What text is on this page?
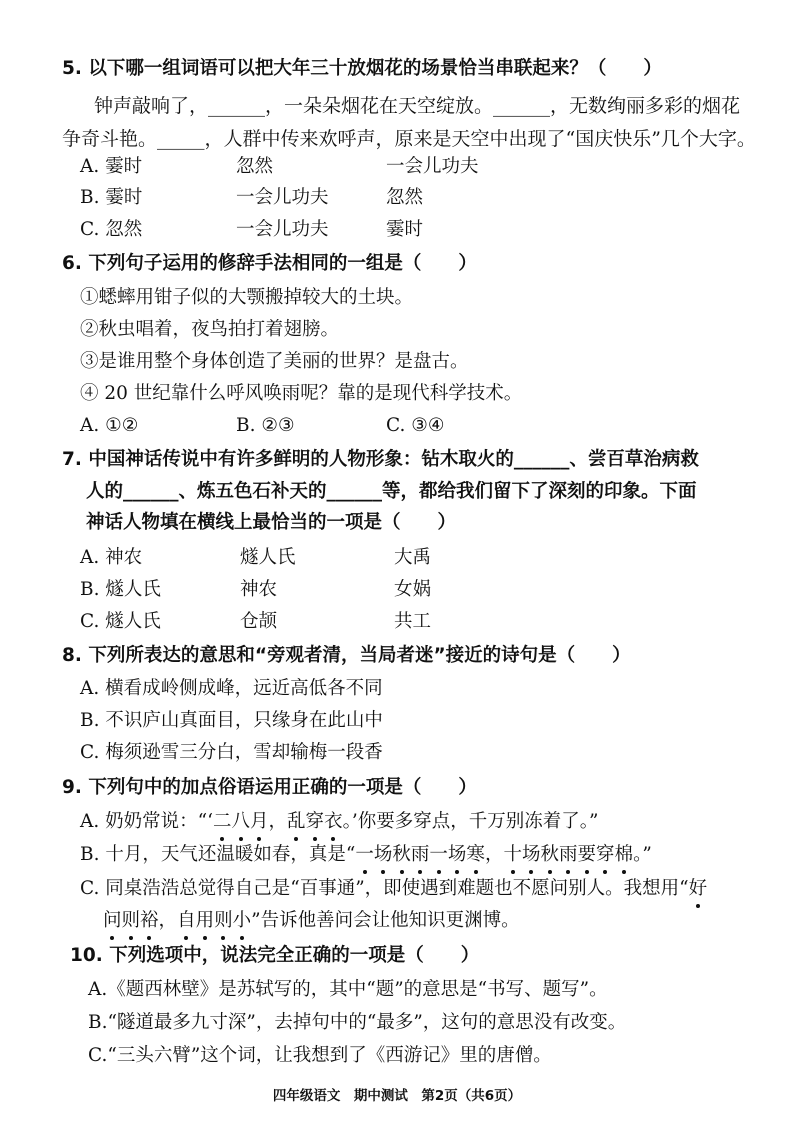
5. 以下哪一组词语可以把大年三十放烟花的场景恰当串联起来？（　　）
钟声敲响了，______，一朵朵烟花在天空绽放。______，无数绚丽多彩的烟花
争奇斗艳。_____，人群中传来欢呼声，原来是天空中出现了“国庆快乐”几个大字。
A. 霎时	忽然	一会儿功夫
B. 霎时	一会儿功夫	忽然
C. 忽然	一会儿功夫	霎时
6. 下列句子运用的修辞手法相同的一组是（　　）
①蟋蟀用钳子似的大颚搬掉较大的土块。
②秋虫唱着，夜鸟拍打着翅膀。
③是谁用整个身体创造了美丽的世界？是盘古。
④ 20 世纪靠什么呼风唤雨呢？靠的是现代科学技术。
A. ①②	B. ②③	C. ③④
7. 中国神话传说中有许多鲜明的人物形象：钻木取火的______、尝百草治病救
人的______、炼五色石补天的______等，都给我们留下了深刻的印象。下面
神话人物填在横线上最恰当的一项是（　　）
A. 神农	燧人氏	大禹
B. 燧人氏	神农	女娲
C. 燧人氏	仓颉	共工
8. 下列所表达的意思和“旁观者清，当局者迷”接近的诗句是（　　）
A. 横看成岭侧成峰，远近高低各不同
B. 不识庐山真面目，只缘身在此山中
C. 梅须逊雪三分白，雪却输梅一段香
9. 下列句中的加点俗语运用正确的一项是（　　）
A. 奶奶常说：“‘二八月，乱穿衣。’你要多穿点，千万别冻着了。”
B. 十月，天气还温暖如春，真是“一场秋雨一场寒，十场秋雨要穿棉。”
C. 同桌浩浩总觉得自己是“百事通”，即使遇到难题也不愿问别人。我想用“好
问则裕，自用则小”告诉他善问会让他知识更渊博。
10. 下列选项中，说法完全正确的一项是（　　）
A.《题西林壁》是苏轼写的，其中“题”的意思是“书写、题写”。
B.“隧道最多九寸深”，去掉句中的“最多”，这句的意思没有改变。
C.“三头六臂”这个词，让我想到了《西游记》里的唐僧。
四年级语文　期中测试　第2页（共6页）
